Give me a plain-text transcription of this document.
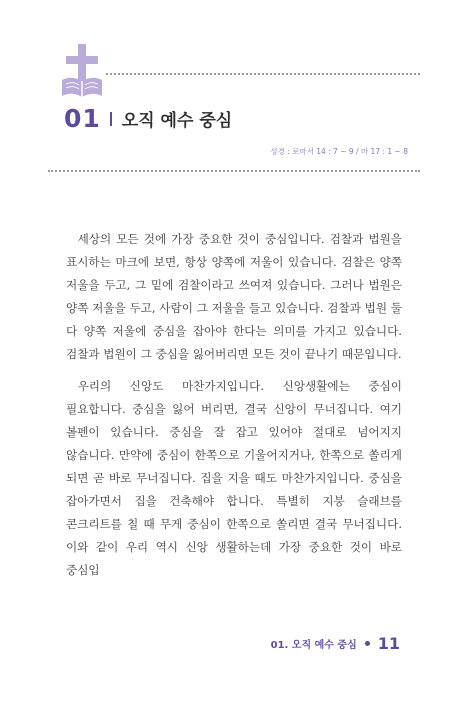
01 오직 예수 중심
성경 : 로마서 14 : 7 ~ 9 / 마 17 : 1 ~ 8

세상의 모든 것에 가장 중요한 것이 중심입니다. 검찰과 법원을 표시하는 마크에 보면, 항상 양쪽에 저울이 있습니다. 검찰은 양쪽 저울을 두고, 그 밑에 검찰이라고 쓰여져 있습니다. 그러나 법원은 양쪽 저울을 두고, 사람이 그 저울을 들고 있습니다. 검찰과 법원 둘 다 양쪽 저울에 중심을 잡아야 한다는 의미를 가지고 있습니다. 검찰과 법원이 그 중심을 잃어버리면 모든 것이 끝나기 때문입니다.

우리의 신앙도 마찬가지입니다. 신앙생활에는 중심이 필요합니다. 중심을 잃어 버리면, 결국 신앙이 무너집니다. 여기 볼펜이 있습니다. 중심을 잘 잡고 있어야 절대로 넘어지지 않습니다. 만약에 중심이 한쪽으로 기울어지거나, 한쪽으로 쏠리게 되면 곧 바로 무너집니다. 집을 지을 때도 마찬가지입니다. 중심을 잡아가면서 집을 건축해야 합니다. 특별히 지붕 슬래브를 콘크리트를 칠 때 무게 중심이 한쪽으로 쏠리면 결국 무너집니다. 이와 같이 우리 역시 신앙 생활하는데 가장 중요한 것이 바로 중심입

01. 오직 예수 중심 11
